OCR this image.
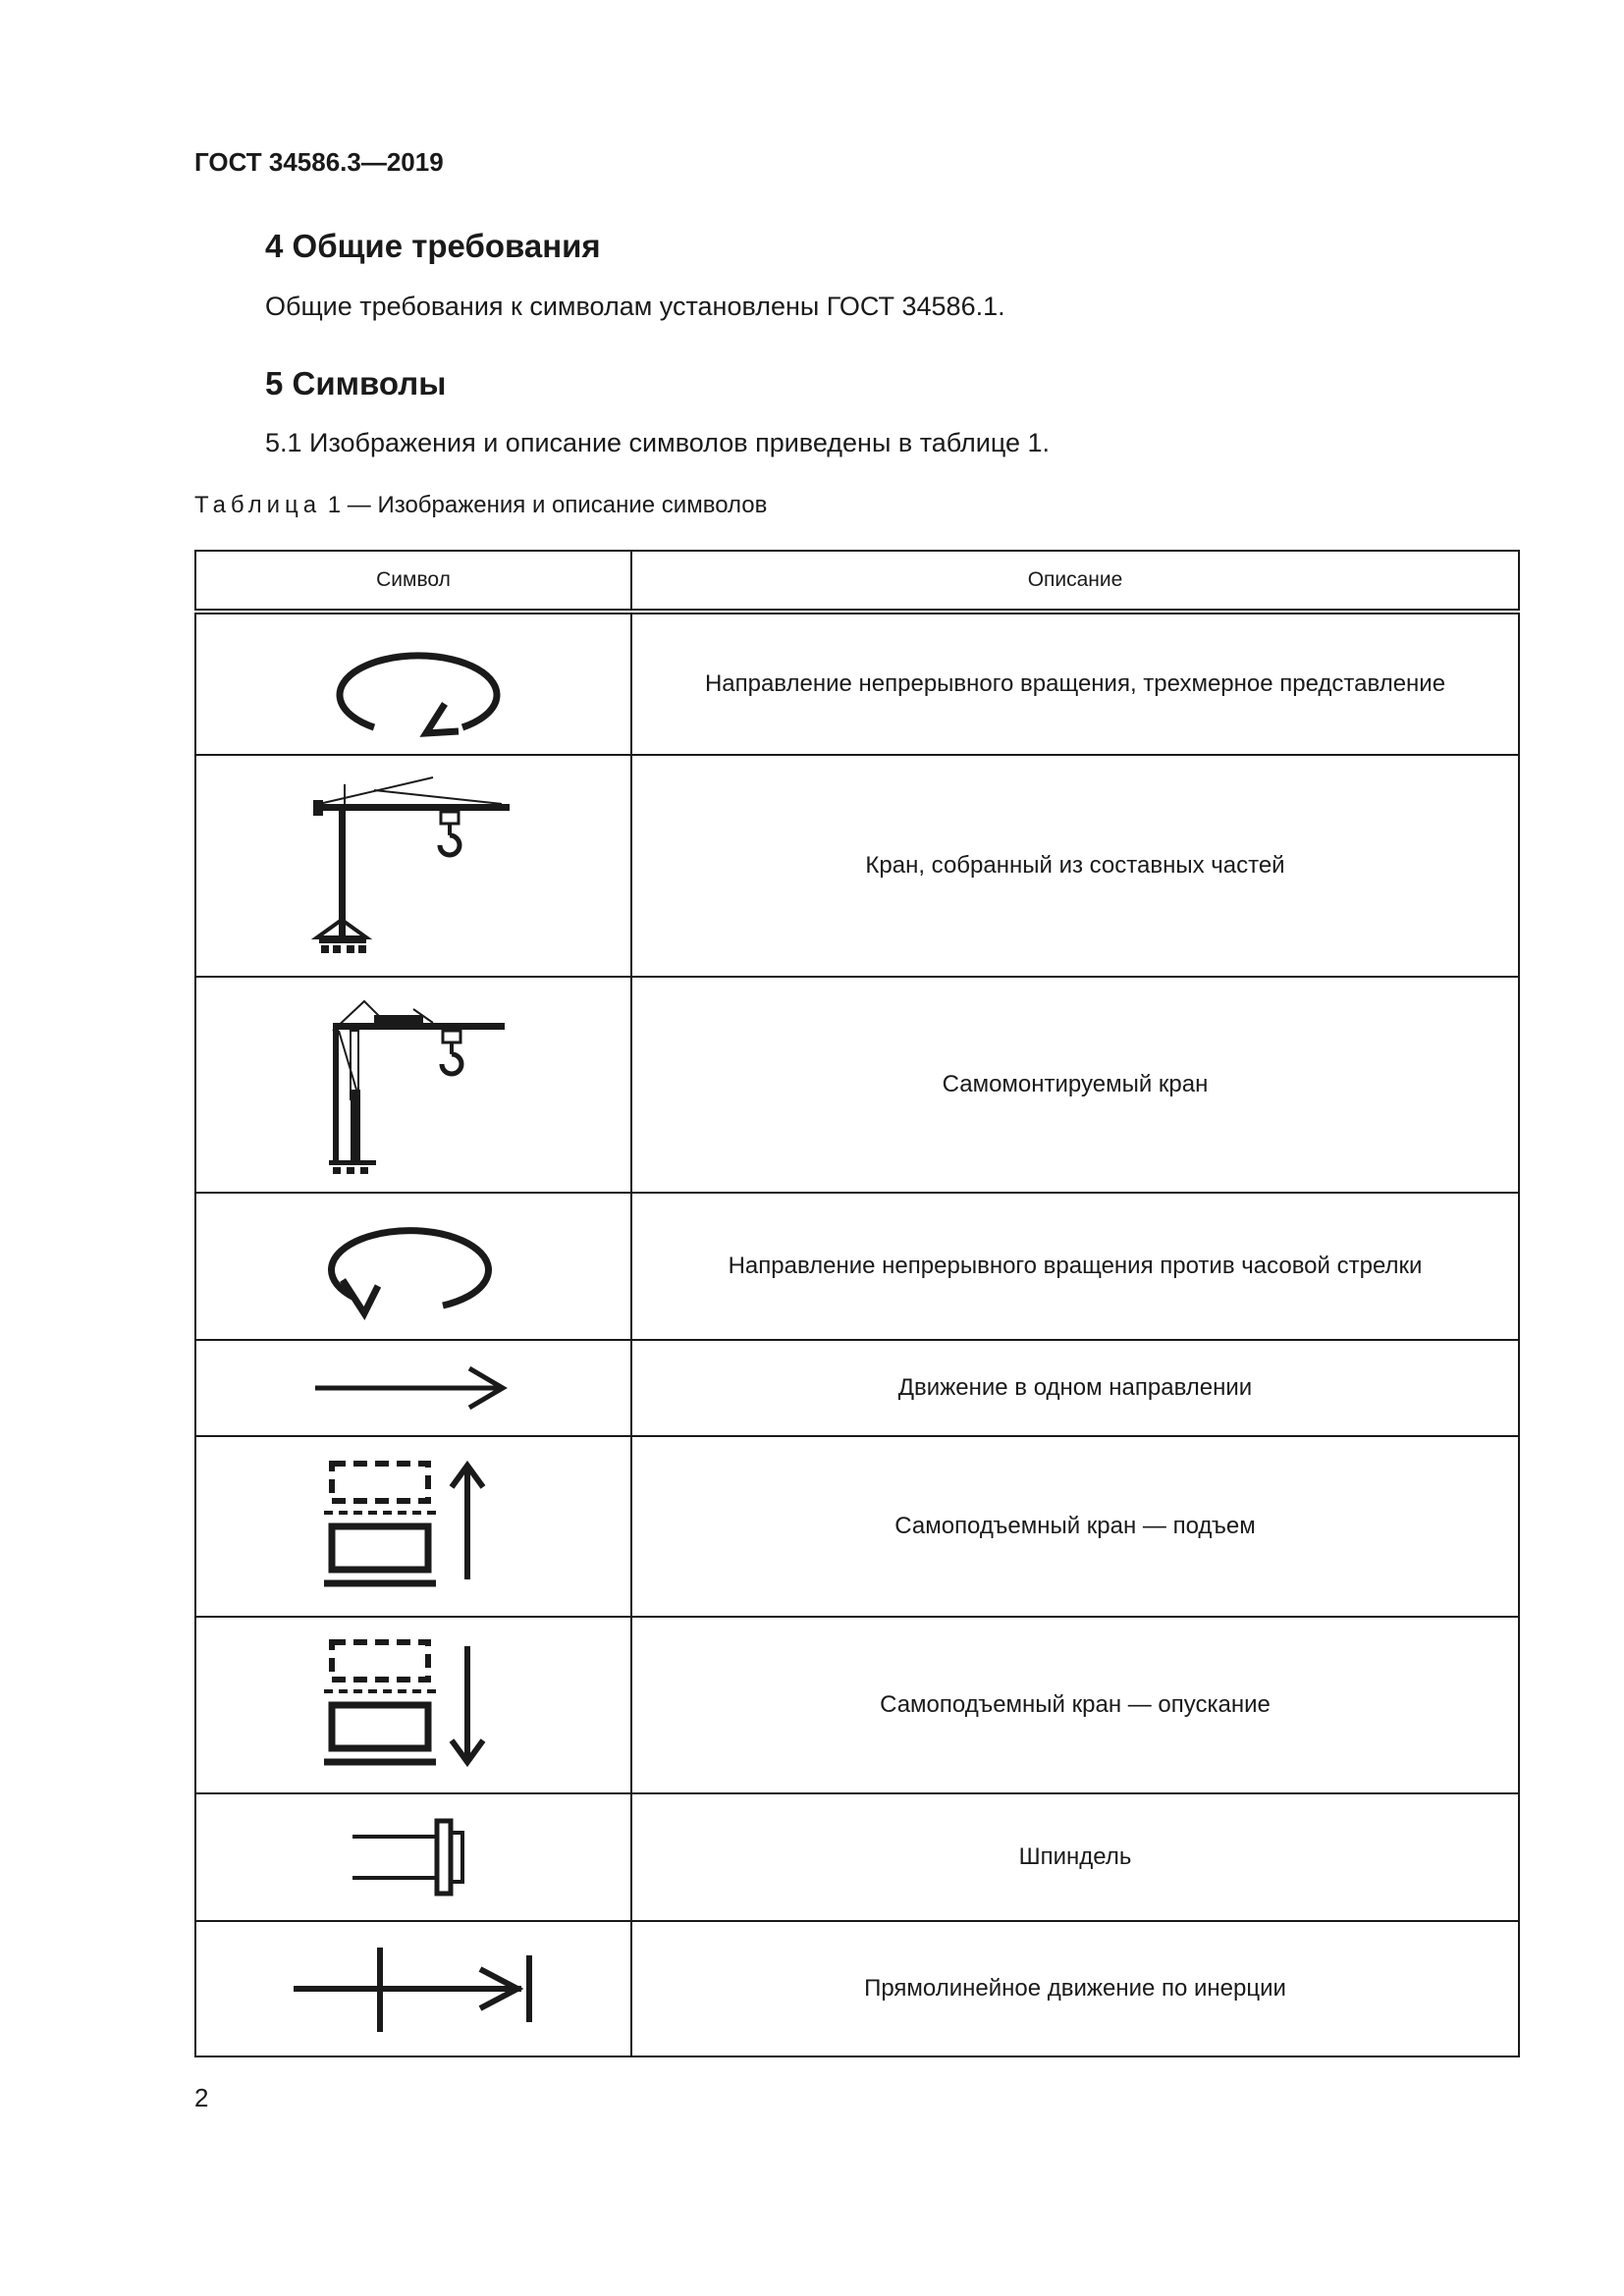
ГОСТ 34586.3—2019
4 Общие требования
Общие требования к символам установлены ГОСТ 34586.1.
5 Символы
5.1 Изображения и описание символов приведены в таблице 1.
Таблица 1 — Изображения и описание символов
Символ	Описание

	Направление непрерывного вращения, трехмерное представление

	Кран, собранный из составных частей

	Самомонтируемый кран

	Направление непрерывного вращения против часовой стрелки

	Движение в одном направлении

	Самоподъемный кран — подъем

	Самоподъемный кран — опускание

	Шпиндель

	Прямолинейное движение по инерции
2
